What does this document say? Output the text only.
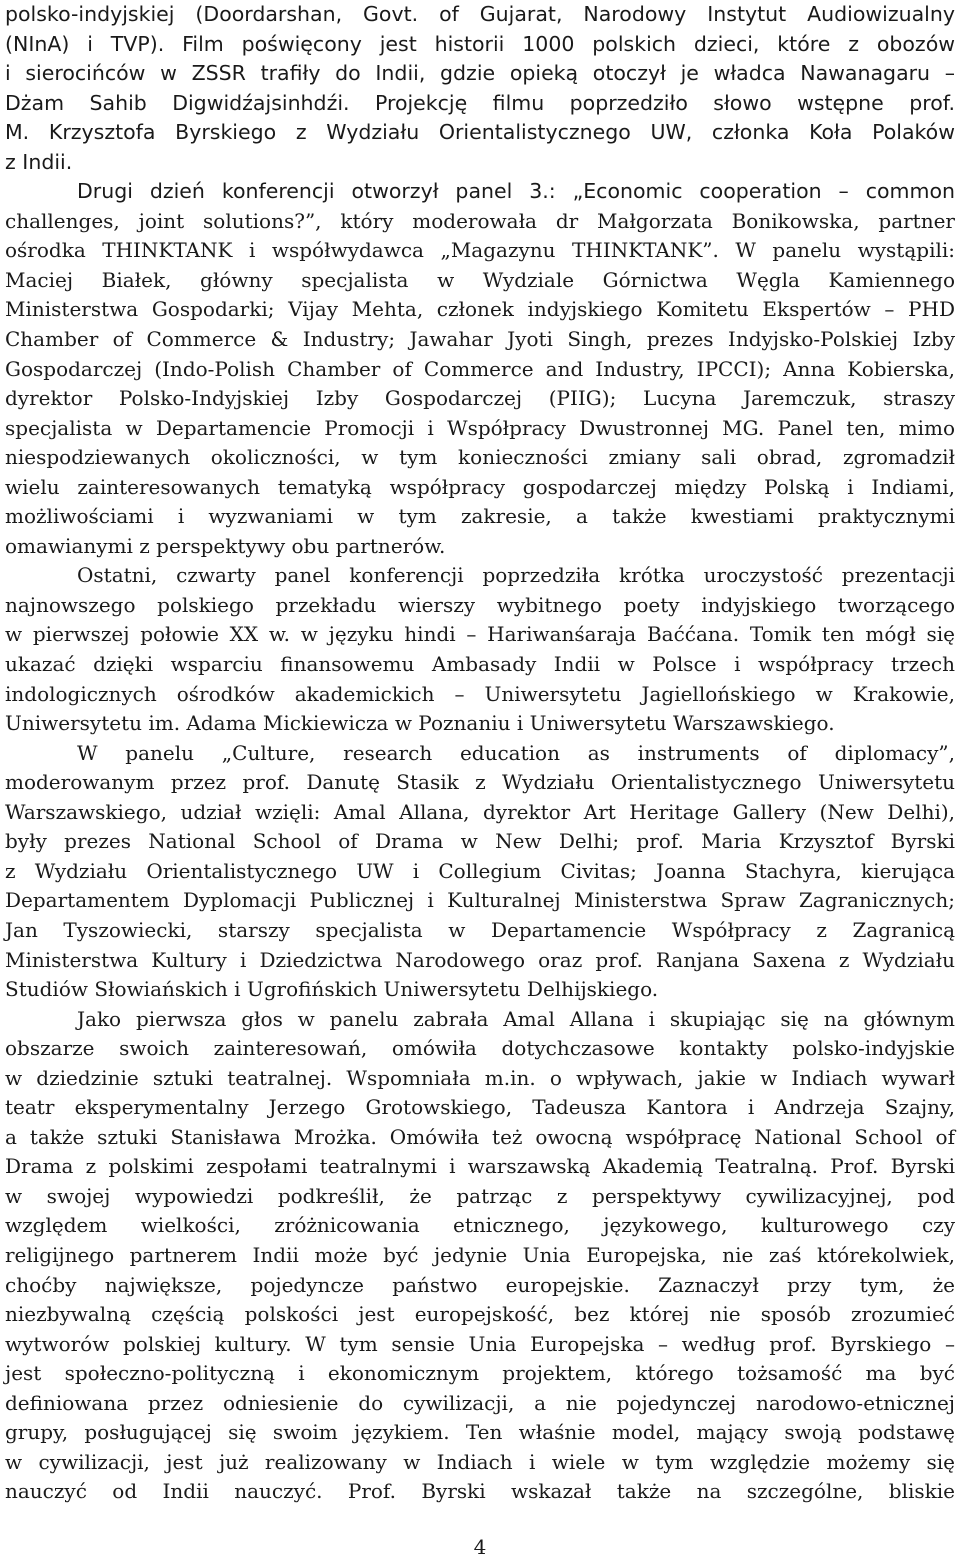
polsko-indyjskiej (Doordarshan, Govt. of Gujarat, Narodowy Instytut Audiowizualny
(NInA) i TVP). Film poświęcony jest historii 1000 polskich dzieci, które z obozów
i sierocińców w ZSSR trafiły do Indii, gdzie opieką otoczył je władca Nawanagaru –
Dżam Sahib Digwidźajsinhdźi. Projekcję filmu poprzedziło słowo wstępne prof.
M. Krzysztofa Byrskiego z Wydziału Orientalistycznego UW, członka Koła Polaków
z Indii.
Drugi dzień konferencji otworzył panel 3.: „Economic cooperation – common
challenges, joint solutions?”, który moderowała dr Małgorzata Bonikowska, partner
ośrodka THINKTANK i współwydawca „Magazynu THINKTANK”. W panelu wystąpili:
Maciej Białek, główny specjalista w Wydziale Górnictwa Węgla Kamiennego
Ministerstwa Gospodarki; Vijay Mehta, członek indyjskiego Komitetu Ekspertów – PHD
Chamber of Commerce & Industry; Jawahar Jyoti Singh, prezes Indyjsko-Polskiej Izby
Gospodarczej (Indo-Polish Chamber of Commerce and Industry, IPCCI); Anna Kobierska,
dyrektor Polsko-Indyjskiej Izby Gospodarczej (PIIG); Lucyna Jaremczuk, straszy
specjalista w Departamencie Promocji i Współpracy Dwustronnej MG. Panel ten, mimo
niespodziewanych okoliczności, w tym konieczności zmiany sali obrad, zgromadził
wielu zainteresowanych tematyką współpracy gospodarczej między Polską i Indiami,
możliwościami i wyzwaniami w tym zakresie, a także kwestiami praktycznymi
omawianymi z perspektywy obu partnerów.
Ostatni, czwarty panel konferencji poprzedziła krótka uroczystość prezentacji
najnowszego polskiego przekładu wierszy wybitnego poety indyjskiego tworzącego
w pierwszej połowie XX w. w języku hindi – Hariwanśaraja Baććana. Tomik ten mógł się
ukazać dzięki wsparciu finansowemu Ambasady Indii w Polsce i współpracy trzech
indologicznych ośrodków akademickich – Uniwersytetu Jagiellońskiego w Krakowie,
Uniwersytetu im. Adama Mickiewicza w Poznaniu i Uniwersytetu Warszawskiego.
W panelu „Culture, research education as instruments of diplomacy”,
moderowanym przez prof. Danutę Stasik z Wydziału Orientalistycznego Uniwersytetu
Warszawskiego, udział wzięli: Amal Allana, dyrektor Art Heritage Gallery (New Delhi),
były prezes National School of Drama w New Delhi; prof. Maria Krzysztof Byrski
z Wydziału Orientalistycznego UW i Collegium Civitas; Joanna Stachyra, kierująca
Departamentem Dyplomacji Publicznej i Kulturalnej Ministerstwa Spraw Zagranicznych;
Jan Tyszowiecki, starszy specjalista w Departamencie Współpracy z Zagranicą
Ministerstwa Kultury i Dziedzictwa Narodowego oraz prof. Ranjana Saxena z Wydziału
Studiów Słowiańskich i Ugrofińskich Uniwersytetu Delhijskiego.
Jako pierwsza głos w panelu zabrała Amal Allana i skupiając się na głównym
obszarze swoich zainteresowań, omówiła dotychczasowe kontakty polsko-indyjskie
w dziedzinie sztuki teatralnej. Wspomniała m.in. o wpływach, jakie w Indiach wywarł
teatr eksperymentalny Jerzego Grotowskiego, Tadeusza Kantora i Andrzeja Szajny,
a także sztuki Stanisława Mrożka. Omówiła też owocną współpracę National School of
Drama z polskimi zespołami teatralnymi i warszawską Akademią Teatralną. Prof. Byrski
w swojej wypowiedzi podkreślił, że patrząc z perspektywy cywilizacyjnej, pod
względem wielkości, zróżnicowania etnicznego, językowego, kulturowego czy
religijnego partnerem Indii może być jedynie Unia Europejska, nie zaś którekolwiek,
choćby największe, pojedyncze państwo europejskie. Zaznaczył przy tym, że
niezbywalną częścią polskości jest europejskość, bez której nie sposób zrozumieć
wytworów polskiej kultury. W tym sensie Unia Europejska – według prof. Byrskiego –
jest społeczno-polityczną i ekonomicznym projektem, którego tożsamość ma być
definiowana przez odniesienie do cywilizacji, a nie pojedynczej narodowo-etnicznej
grupy, posługującej się swoim językiem. Ten właśnie model, mający swoją podstawę
w cywilizacji, jest już realizowany w Indiach i wiele w tym względzie możemy się
nauczyć od Indii nauczyć. Prof. Byrski wskazał także na szczególne, bliskie
4
